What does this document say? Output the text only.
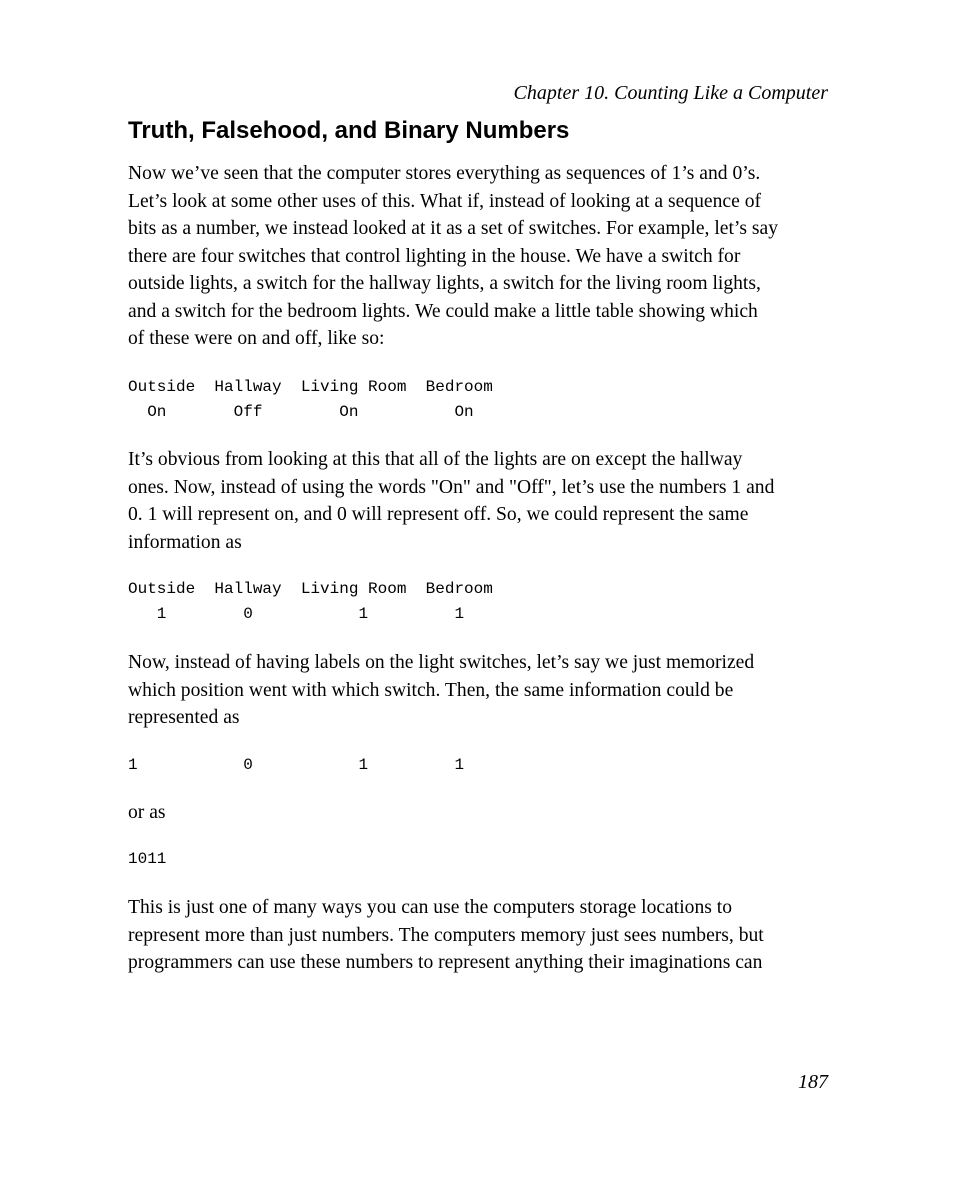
Chapter 10. Counting Like a Computer
Truth, Falsehood, and Binary Numbers

Now we’ve seen that the computer stores everything as sequences of 1’s and 0’s.
Let’s look at some other uses of this. What if, instead of looking at a sequence of
bits as a number, we instead looked at it as a set of switches. For example, let’s say
there are four switches that control lighting in the house. We have a switch for
outside lights, a switch for the hallway lights, a switch for the living room lights,
and a switch for the bedroom lights. We could make a little table showing which
of these were on and off, like so:

Outside  Hallway  Living Room  Bedroom
On       Off        On          On

It’s obvious from looking at this that all of the lights are on except the hallway
ones. Now, instead of using the words "On" and "Off", let’s use the numbers 1 and
0. 1 will represent on, and 0 will represent off. So, we could represent the same
information as

Outside  Hallway  Living Room  Bedroom
1        0           1         1

Now, instead of having labels on the light switches, let’s say we just memorized
which position went with which switch. Then, the same information could be
represented as

1           0           1         1

or as

1011

This is just one of many ways you can use the computers storage locations to
represent more than just numbers. The computers memory just sees numbers, but
programmers can use these numbers to represent anything their imaginations can

187
